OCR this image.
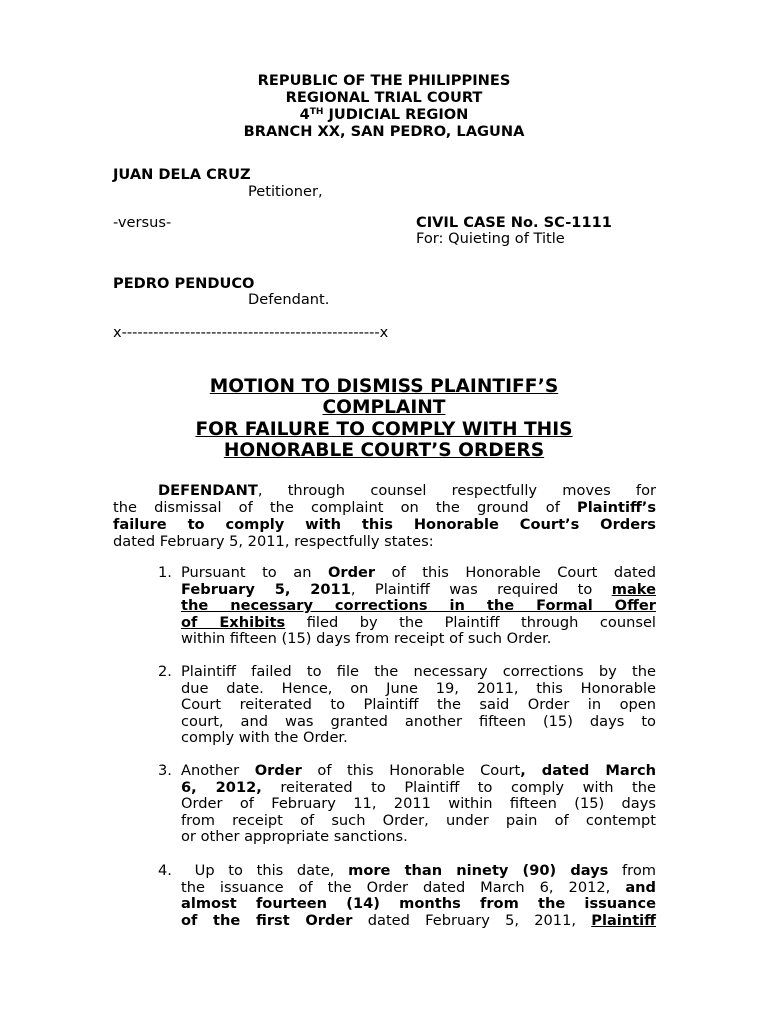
REPUBLIC OF THE PHILIPPINES
REGIONAL TRIAL COURT
4TH JUDICIAL REGION
BRANCH XX, SAN PEDRO, LAGUNA
JUAN DELA CRUZ
Petitioner,
-versus-	CIVIL CASE No. SC-1111
For: Quieting of Title
PEDRO PENDUCO
Defendant.
x-------------------------------------------------x
MOTION TO DISMISS PLAINTIFF’S
COMPLAINT
FOR FAILURE TO COMPLY WITH THIS
HONORABLE COURT’S ORDERS
DEFENDANT, through counsel respectfully moves for
the dismissal of the complaint on the ground of Plaintiff’s
failure to comply with this Honorable Court’s Orders
dated February 5, 2011, respectfully states:
1. Pursuant to an Order of this Honorable Court dated
February 5, 2011, Plaintiff was required to make
the necessary corrections in the Formal Offer
of Exhibits filed by the Plaintiff through counsel
within fifteen (15) days from receipt of such Order.
2. Plaintiff failed to file the necessary corrections by the
due date. Hence, on June 19, 2011, this Honorable
Court reiterated to Plaintiff the said Order in open
court, and was granted another fifteen (15) days to
comply with the Order.
3. Another Order of this Honorable Court, dated March
6, 2012, reiterated to Plaintiff to comply with the
Order of February 11, 2011 within fifteen (15) days
from receipt of such Order, under pain of contempt
or other appropriate sanctions.
4. Up to this date, more than ninety (90) days from
the issuance of the Order dated March 6, 2012, and
almost fourteen (14) months from the issuance
of the first Order dated February 5, 2011, Plaintiff
